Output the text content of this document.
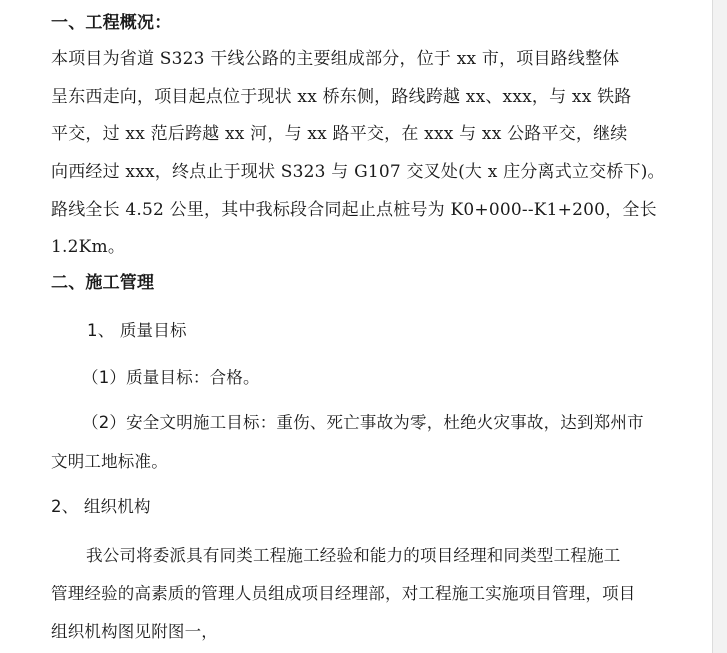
一、工程概况：
本项目为省道 S323 干线公路的主要组成部分，位于 xx 市，项目路线整体
呈东西走向，项目起点位于现状 xx 桥东侧，路线跨越 xx、xxx，与 xx 铁路
平交，过 xx 范后跨越 xx 河，与 xx 路平交，在 xxx 与 xx 公路平交，继续
向西经过 xxx，终点止于现状 S323 与 G107 交叉处(大 x 庄分离式立交桥下)。
路线全长 4.52 公里，其中我标段合同起止点桩号为 K0+000--K1+200，全长
1.2Km。
二、施工管理
1、 质量目标
（1）质量目标：合格。
（2）安全文明施工目标：重伤、死亡事故为零，杜绝火灾事故，达到郑州市
文明工地标准。
2、 组织机构
我公司将委派具有同类工程施工经验和能力的项目经理和同类型工程施工
管理经验的高素质的管理人员组成项目经理部，对工程施工实施项目管理，项目
组织机构图见附图一，
